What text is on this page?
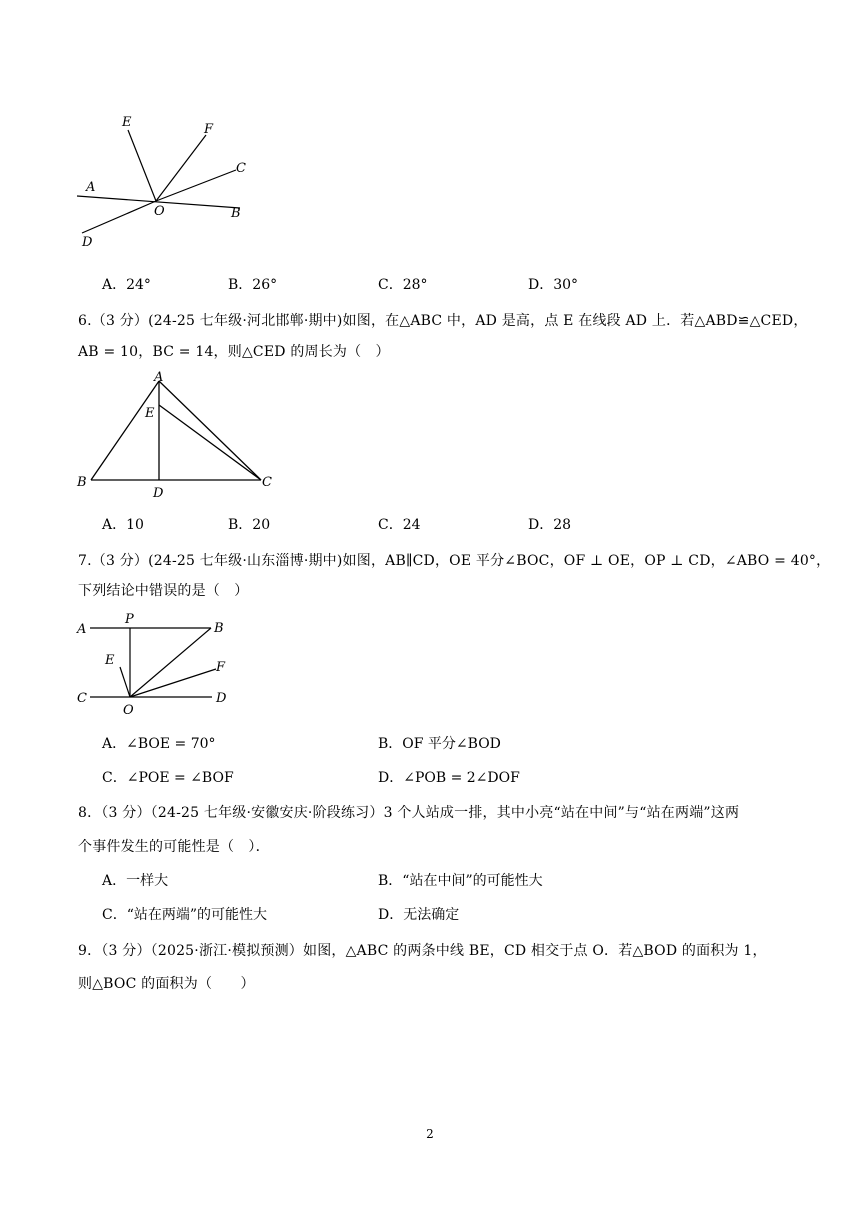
E	F
C
A
O	B
D
A．24°	B．26°	C．28°	D．30°
6.（3 分）(24-25 七年级·河北邯郸·期中)如图，在△ABC 中，AD 是高，点 E 在线段 AD 上．若△ABD≌△CED，
AB = 10，BC = 14，则△CED 的周长为（　）
A
E
B
D
C
A．10	B．20	C．24	D．28
7.（3 分）(24-25 七年级·山东淄博·期中)如图，AB∥CD，OE 平分∠BOC，OF ⊥ OE，OP ⊥ CD，∠ABO = 40°，
下列结论中错误的是（　）
A
P
B
E	F
C
O
D
A．∠BOE = 70°	B．OF 平分∠BOD
C．∠POE = ∠BOF	D．∠POB = 2∠DOF
8．（3 分）（24-25 七年级·安徽安庆·阶段练习）3 个人站成一排，其中小亮“站在中间”与“站在两端”这两
个事件发生的可能性是（　）．
A．一样大	B．“站在中间”的可能性大
C．“站在两端”的可能性大	D．无法确定
9．（3 分）（2025·浙江·模拟预测）如图，△ABC 的两条中线 BE，CD 相交于点 O．若△BOD 的面积为 1，
则△BOC 的面积为（　　）
2
